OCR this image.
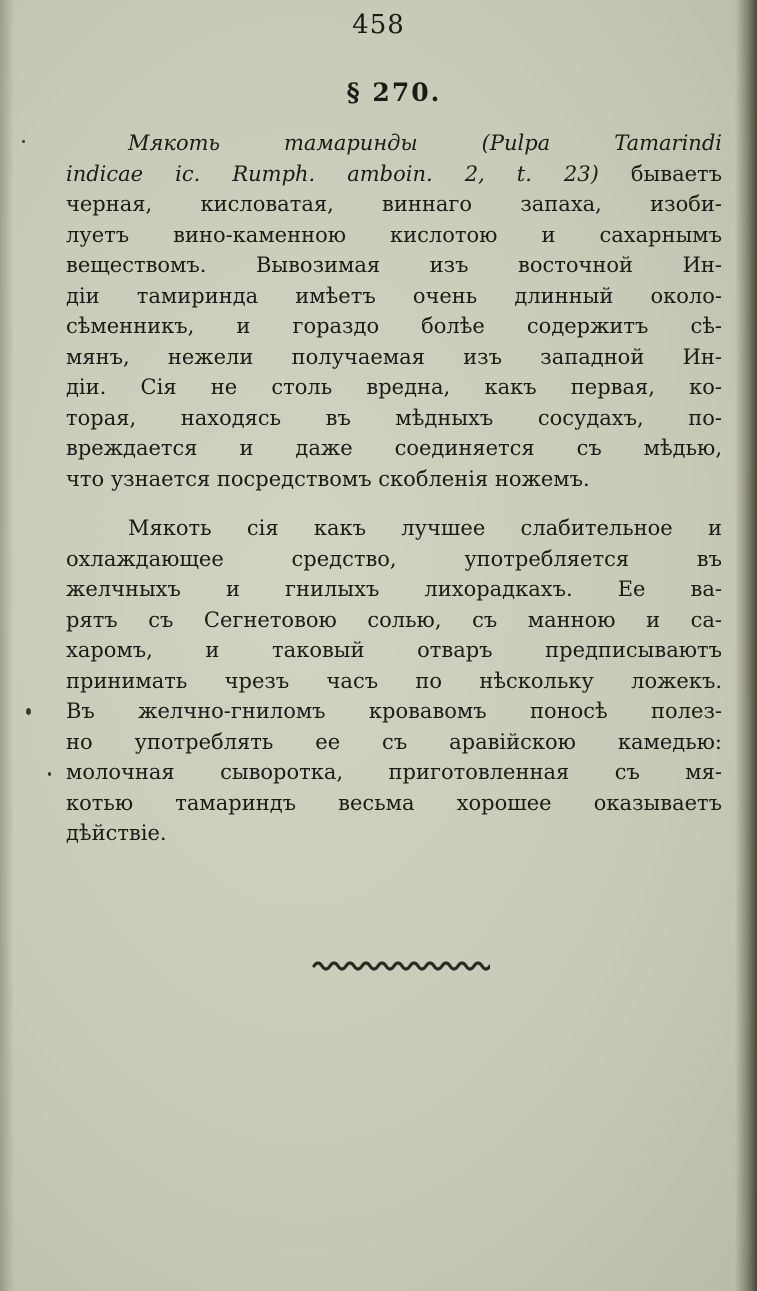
458
§ 270.
Мякоть тамаринды (Pulpa Tamarindi
indicae ic. Rumph. amboin. 2, t. 23) бываетъ
черная, кисловатая, виннаго запаха, изоби-
луетъ вино-каменною кислотою и сахарнымъ
веществомъ. Вывозимая изъ восточной Ин-
діи тамиринда имѣетъ очень длинный около-
сѣменникъ, и гораздо болѣе содержитъ сѣ-
мянъ, нежели получаемая изъ западной Ин-
діи. Сія не столь вредна, какъ первая, ко-
торая, находясь въ мѣдныхъ сосудахъ, по-
вреждается и даже соединяется съ мѣдью,
что узнается посредствомъ скобленія ножемъ.
Мякоть сія какъ лучшее слабительное и
охлаждающее средство, употребляется въ
желчныхъ и гнилыхъ лихорадкахъ. Ее ва-
рятъ съ Сегнетовою солью, съ манною и са-
харомъ, и таковый отваръ предписываютъ
принимать чрезъ часъ по нѣскольку ложекъ.
Въ желчно-гниломъ кровавомъ поносѣ полез-
но употреблять ее съ аравійскою камедью:
молочная сыворотка, приготовленная съ мя-
котью тамариндъ весьма хорошее оказываетъ
дѣйствіе.
